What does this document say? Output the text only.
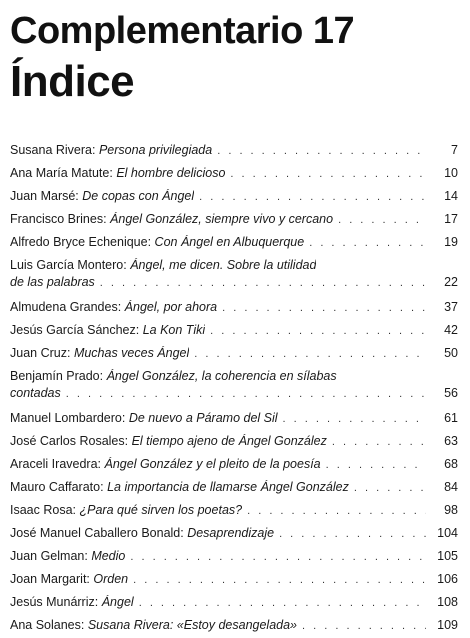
Complementario 17
Índice
Susana Rivera: Persona privilegiada . . .	7
Ana María Matute: El hombre delicioso . . .	10
Juan Marsé: De copas con Ángel . . .	14
Francisco Brines: Ángel González, siempre vivo y cercano . . .	17
Alfredo Bryce Echenique: Con Ángel en Albuquerque . . .	19
Luis García Montero: Ángel, me dicen. Sobre la utilidad
de las palabras . . .	22
Almudena Grandes: Ángel, por ahora . . .	37
Jesús García Sánchez: La Kon Tiki . . .	42
Juan Cruz: Muchas veces Ángel . . .	50
Benjamín Prado: Ángel González, la coherencia en sílabas
contadas . . .	56
Manuel Lombardero: De nuevo a Páramo del Sil . . .	61
José Carlos Rosales: El tiempo ajeno de Ángel González . . .	63
Araceli Iravedra: Ángel González y el pleito de la poesía . . .	68
Mauro Caffarato: La importancia de llamarse Ángel González . . .	84
Isaac Rosa: ¿Para qué sirven los poetas? . . .	98
José Manuel Caballero Bonald: Desaprendizaje . . .	104
Juan Gelman: Medio . . .	105
Joan Margarit: Orden . . .	106
Jesús Munárriz: Ángel . . .	108
Ana Solanes: Susana Rivera: «Estoy desangelada» . . .	109
